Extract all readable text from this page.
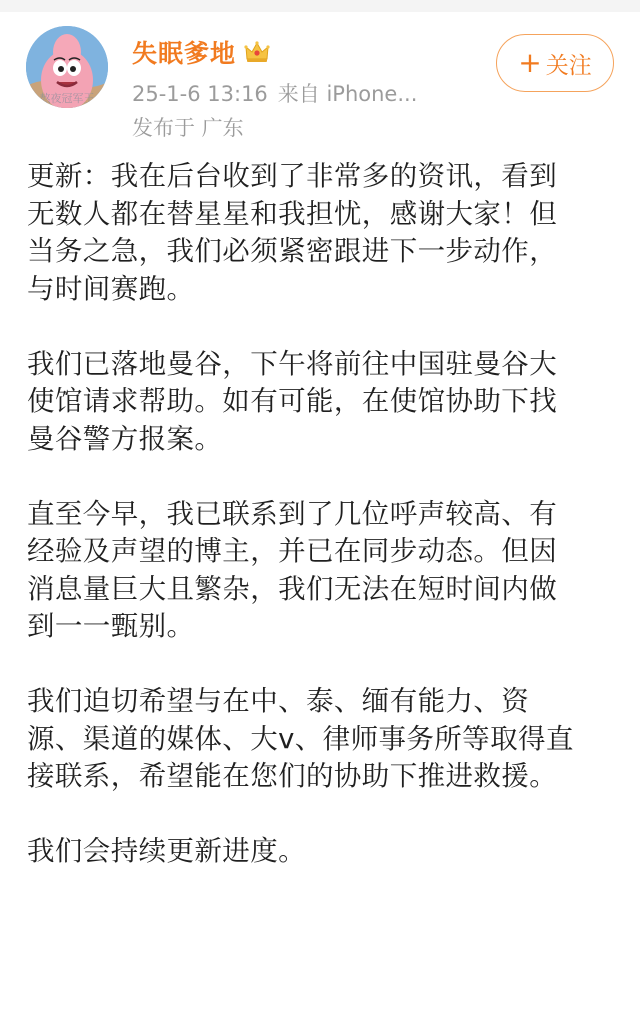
熬夜冠军王
失眠爹地
25-1-6 13:16 来自 iPhone...
发布于 广东
+ 关注

更新：我在后台收到了非常多的资讯，看到
无数人都在替星星和我担忧，感谢大家！但
当务之急，我们必须紧密跟进下一步动作，
与时间赛跑。

我们已落地曼谷，下午将前往中国驻曼谷大
使馆请求帮助。如有可能，在使馆协助下找
曼谷警方报案。

直至今早，我已联系到了几位呼声较高、有
经验及声望的博主，并已在同步动态。但因
消息量巨大且繁杂，我们无法在短时间内做
到一一甄别。

我们迫切希望与在中、泰、缅有能力、资
源、渠道的媒体、大v、律师事务所等取得直
接联系，希望能在您们的协助下推进救援。

我们会持续更新进度。
